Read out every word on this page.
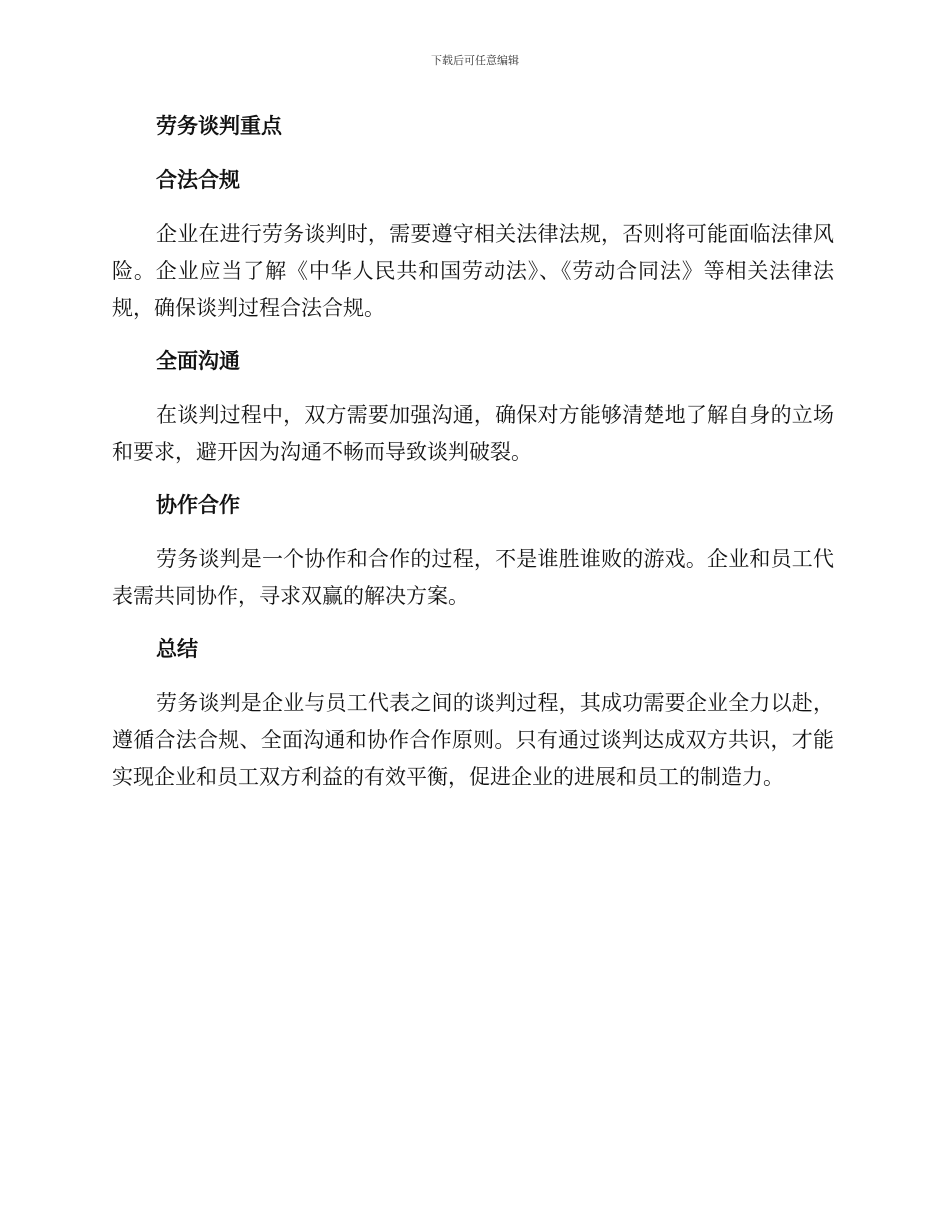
下载后可任意编辑
劳务谈判重点
合法合规

企业在进行劳务谈判时，需要遵守相关法律法规，否则将可能面临法律风险。企业应当了解《中华人民共和国劳动法》、《劳动合同法》等相关法律法规，确保谈判过程合法合规。

全面沟通

在谈判过程中，双方需要加强沟通，确保对方能够清楚地了解自身的立场和要求，避开因为沟通不畅而导致谈判破裂。

协作合作

劳务谈判是一个协作和合作的过程，不是谁胜谁败的游戏。企业和员工代表需共同协作，寻求双赢的解决方案。

总结

劳务谈判是企业与员工代表之间的谈判过程，其成功需要企业全力以赴，遵循合法合规、全面沟通和协作合作原则。只有通过谈判达成双方共识，才能实现企业和员工双方利益的有效平衡，促进企业的进展和员工的制造力。
